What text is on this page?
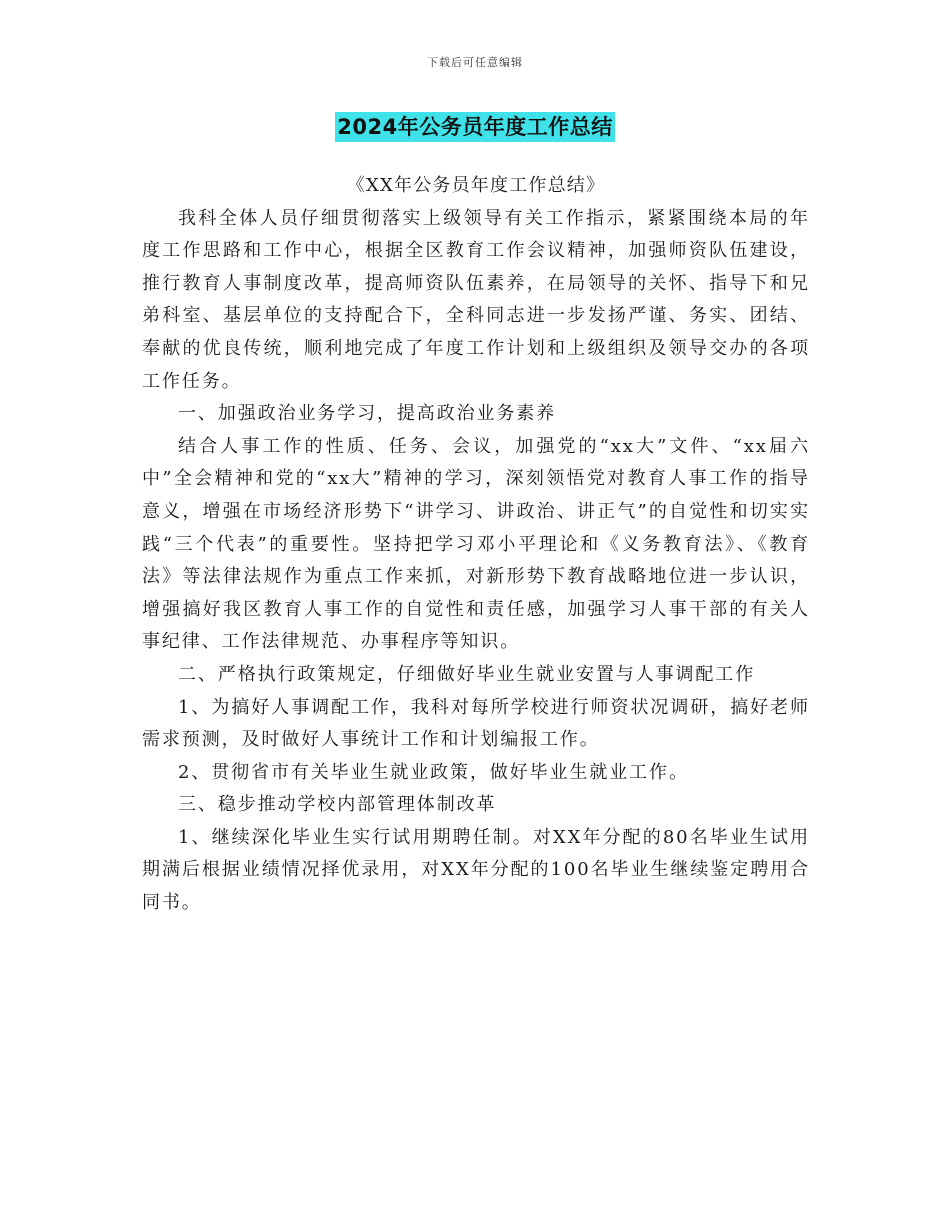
下载后可任意编辑
2024年公务员年度工作总结

《XX年公务员年度工作总结》

我科全体人员仔细贯彻落实上级领导有关工作指示，紧紧围绕本局的年度工作思路和工作中心，根据全区教育工作会议精神，加强师资队伍建设，推行教育人事制度改革，提高师资队伍素养，在局领导的关怀、指导下和兄弟科室、基层单位的支持配合下，全科同志进一步发扬严谨、务实、团结、奉献的优良传统，顺利地完成了年度工作计划和上级组织及领导交办的各项工作任务。

一、加强政治业务学习，提高政治业务素养

结合人事工作的性质、任务、会议，加强党的“xx大”文件、“xx届六中”全会精神和党的“xx大”精神的学习，深刻领悟党对教育人事工作的指导意义，增强在市场经济形势下“讲学习、讲政治、讲正气”的自觉性和切实实践“三个代表”的重要性。坚持把学习邓小平理论和《义务教育法》、《教育法》等法律法规作为重点工作来抓，对新形势下教育战略地位进一步认识，增强搞好我区教育人事工作的自觉性和责任感，加强学习人事干部的有关人事纪律、工作法律规范、办事程序等知识。

二、严格执行政策规定，仔细做好毕业生就业安置与人事调配工作

1、为搞好人事调配工作，我科对每所学校进行师资状况调研，搞好老师需求预测，及时做好人事统计工作和计划编报工作。

2、贯彻省市有关毕业生就业政策，做好毕业生就业工作。

三、稳步推动学校内部管理体制改革

1、继续深化毕业生实行试用期聘任制。对XX年分配的80名毕业生试用期满后根据业绩情况择优录用，对XX年分配的100名毕业生继续鉴定聘用合同书。
